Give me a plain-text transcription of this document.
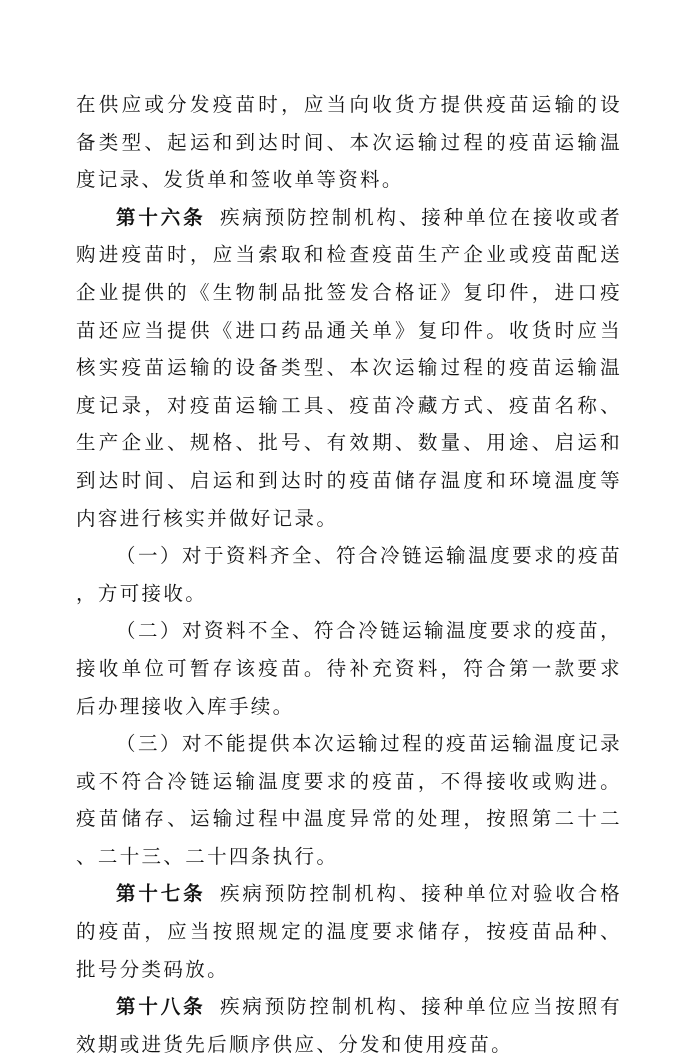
在供应或分发疫苗时，应当向收货方提供疫苗运输的设备类型、起运和到达时间、本次运输过程的疫苗运输温度记录、发货单和签收单等资料。

第十六条 疾病预防控制机构、接种单位在接收或者购进疫苗时，应当索取和检查疫苗生产企业或疫苗配送企业提供的《生物制品批签发合格证》复印件，进口疫苗还应当提供《进口药品通关单》复印件。收货时应当核实疫苗运输的设备类型、本次运输过程的疫苗运输温度记录，对疫苗运输工具、疫苗冷藏方式、疫苗名称、生产企业、规格、批号、有效期、数量、用途、启运和到达时间、启运和到达时的疫苗储存温度和环境温度等内容进行核实并做好记录。

（一）对于资料齐全、符合冷链运输温度要求的疫苗，方可接收。

（二）对资料不全、符合冷链运输温度要求的疫苗，接收单位可暂存该疫苗。待补充资料，符合第一款要求后办理接收入库手续。

（三）对不能提供本次运输过程的疫苗运输温度记录或不符合冷链运输温度要求的疫苗，不得接收或购进。疫苗储存、运输过程中温度异常的处理，按照第二十二、二十三、二十四条执行。

第十七条 疾病预防控制机构、接种单位对验收合格的疫苗，应当按照规定的温度要求储存，按疫苗品种、批号分类码放。

第十八条 疾病预防控制机构、接种单位应当按照有效期或进货先后顺序供应、分发和使用疫苗。
